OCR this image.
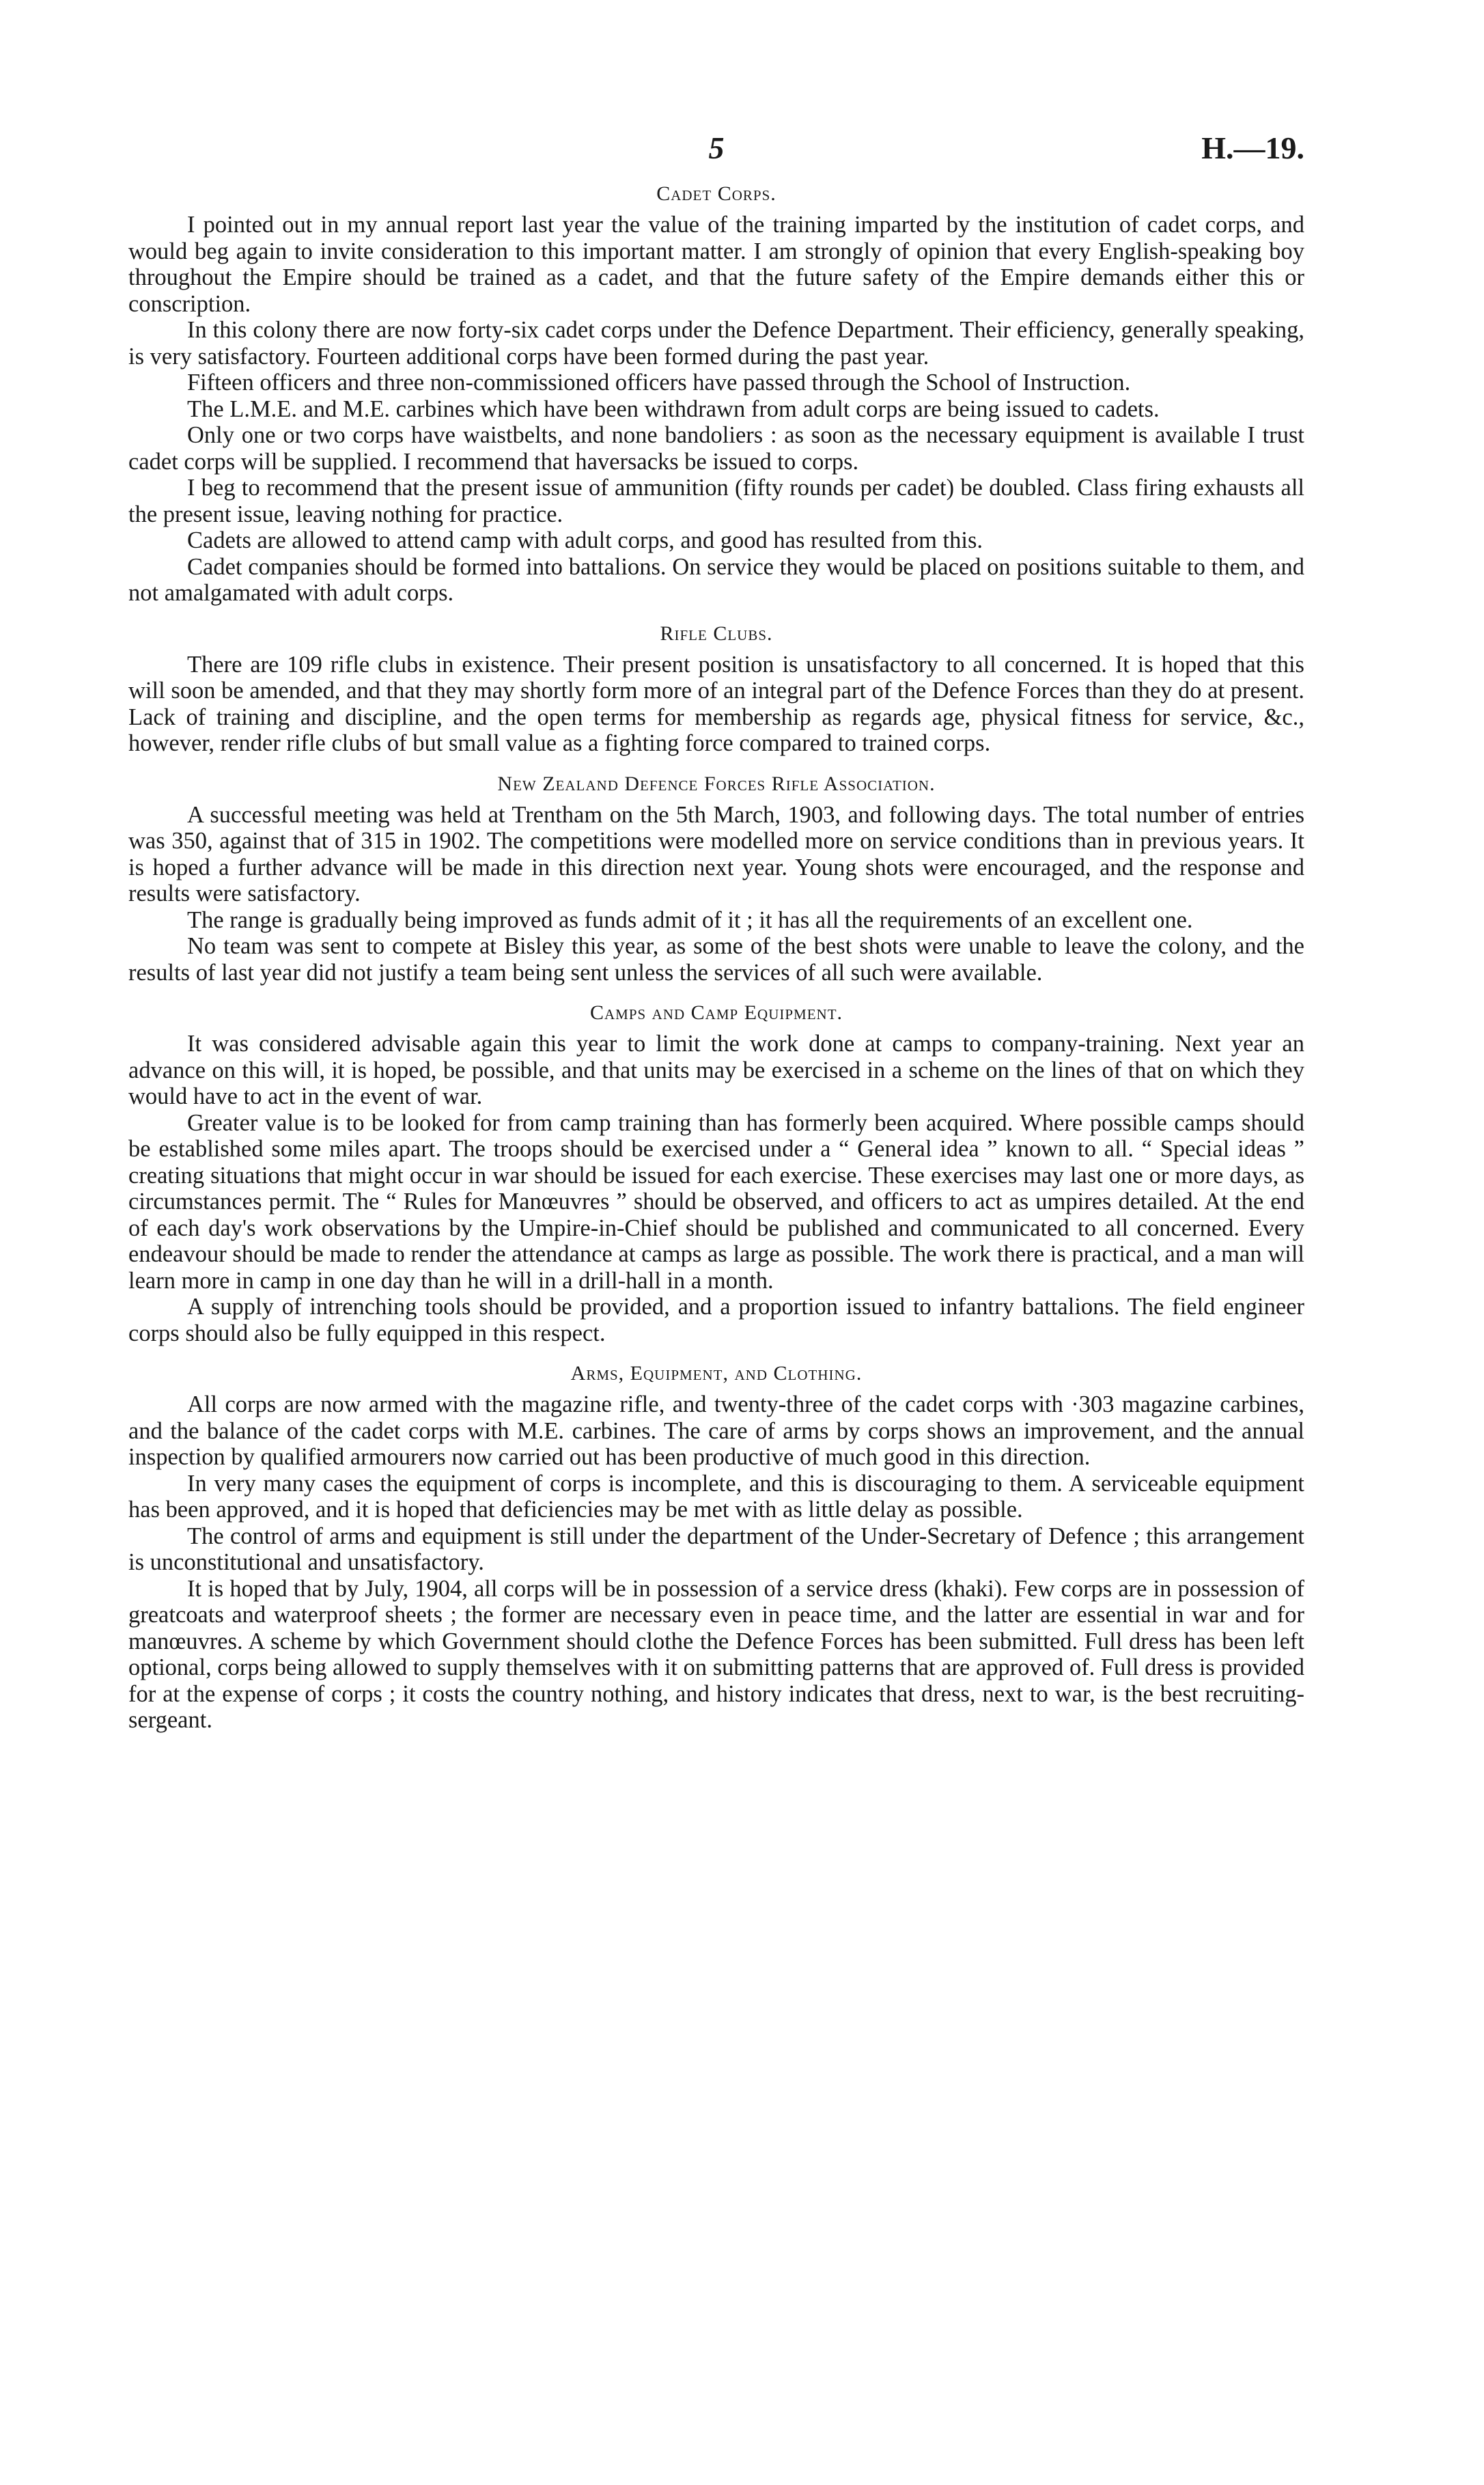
5	H.—19.
Cadet Corps.

I pointed out in my annual report last year the value of the training imparted by the institution of cadet corps, and would beg again to invite consideration to this important matter. I am strongly of opinion that every English-speaking boy throughout the Empire should be trained as a cadet, and that the future safety of the Empire demands either this or conscription.

In this colony there are now forty-six cadet corps under the Defence Department. Their efficiency, generally speaking, is very satisfactory. Fourteen additional corps have been formed during the past year.

Fifteen officers and three non-commissioned officers have passed through the School of Instruction.

The L.M.E. and M.E. carbines which have been withdrawn from adult corps are being issued to cadets.

Only one or two corps have waistbelts, and none bandoliers : as soon as the necessary equipment is available I trust cadet corps will be supplied. I recommend that haversacks be issued to corps.

I beg to recommend that the present issue of ammunition (fifty rounds per cadet) be doubled. Class firing exhausts all the present issue, leaving nothing for practice.

Cadets are allowed to attend camp with adult corps, and good has resulted from this.

Cadet companies should be formed into battalions. On service they would be placed on positions suitable to them, and not amalgamated with adult corps.

Rifle Clubs.

There are 109 rifle clubs in existence. Their present position is unsatisfactory to all concerned. It is hoped that this will soon be amended, and that they may shortly form more of an integral part of the Defence Forces than they do at present. Lack of training and discipline, and the open terms for membership as regards age, physical fitness for service, &c., however, render rifle clubs of but small value as a fighting force compared to trained corps.

New Zealand Defence Forces Rifle Association.

A successful meeting was held at Trentham on the 5th March, 1903, and following days. The total number of entries was 350, against that of 315 in 1902. The competitions were modelled more on service conditions than in previous years. It is hoped a further advance will be made in this direction next year. Young shots were encouraged, and the response and results were satisfactory.

The range is gradually being improved as funds admit of it ; it has all the requirements of an excellent one.

No team was sent to compete at Bisley this year, as some of the best shots were unable to leave the colony, and the results of last year did not justify a team being sent unless the services of all such were available.

Camps and Camp Equipment.

It was considered advisable again this year to limit the work done at camps to company-training. Next year an advance on this will, it is hoped, be possible, and that units may be exercised in a scheme on the lines of that on which they would have to act in the event of war.

Greater value is to be looked for from camp training than has formerly been acquired. Where possible camps should be established some miles apart. The troops should be exercised under a “ General idea ” known to all. “ Special ideas ” creating situations that might occur in war should be issued for each exercise. These exercises may last one or more days, as circumstances permit. The “ Rules for Manœuvres ” should be observed, and officers to act as umpires detailed. At the end of each day's work observations by the Umpire-in-Chief should be published and communicated to all concerned. Every endeavour should be made to render the attendance at camps as large as possible. The work there is practical, and a man will learn more in camp in one day than he will in a drill-hall in a month.

A supply of intrenching tools should be provided, and a proportion issued to infantry battalions. The field engineer corps should also be fully equipped in this respect.

Arms, Equipment, and Clothing.

All corps are now armed with the magazine rifle, and twenty-three of the cadet corps with ·303 magazine carbines, and the balance of the cadet corps with M.E. carbines. The care of arms by corps shows an improvement, and the annual inspection by qualified armourers now carried out has been productive of much good in this direction.

In very many cases the equipment of corps is incomplete, and this is discouraging to them. A serviceable equipment has been approved, and it is hoped that deficiencies may be met with as little delay as possible.

The control of arms and equipment is still under the department of the Under-Secretary of Defence ; this arrangement is unconstitutional and unsatisfactory.

It is hoped that by July, 1904, all corps will be in possession of a service dress (khaki). Few corps are in possession of greatcoats and waterproof sheets ; the former are necessary even in peace time, and the latter are essential in war and for manœuvres. A scheme by which Government should clothe the Defence Forces has been submitted. Full dress has been left optional, corps being allowed to supply themselves with it on submitting patterns that are approved of. Full dress is provided for at the expense of corps ; it costs the country nothing, and history indicates that dress, next to war, is the best recruiting-sergeant.
